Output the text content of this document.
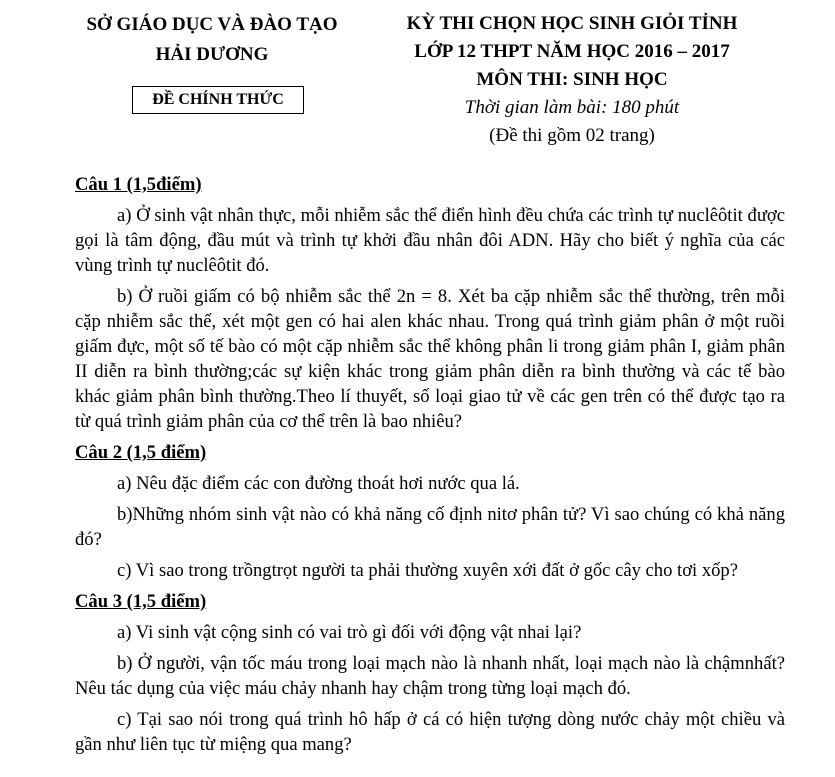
SỞ GIÁO DỤC VÀ ĐÀO TẠO
HẢI DƯƠNG
ĐỀ CHÍNH THỨC
KỲ THI CHỌN HỌC SINH GIỎI TỈNH
LỚP 12 THPT NĂM HỌC 2016 – 2017
MÔN THI: SINH HỌC
Thời gian làm bài: 180 phút
(Đề thi gồm 02 trang)
Câu 1 (1,5điểm)

a) Ở sinh vật nhân thực, mỗi nhiễm sắc thể điển hình đều chứa các trình tự nuclêôtit được gọi là tâm động, đầu mút và trình tự khởi đầu nhân đôi ADN. Hãy cho biết ý nghĩa của các vùng trình tự nuclêôtit đó.

b) Ở ruồi giấm có bộ nhiễm sắc thể 2n = 8. Xét ba cặp nhiễm sắc thể thường, trên mỗi cặp nhiễm sắc thể, xét một gen có hai alen khác nhau. Trong quá trình giảm phân ở một ruồi giấm đực, một số tế bào có một cặp nhiễm sắc thể không phân li trong giảm phân I, giảm phân II diễn ra bình thường;các sự kiện khác trong giảm phân diễn ra bình thường và các tế bào khác giảm phân bình thường.Theo lí thuyết, số loại giao tử về các gen trên có thể được tạo ra từ quá trình giảm phân của cơ thể trên là bao nhiêu?

Câu 2 (1,5 điểm)

a) Nêu đặc điểm các con đường thoát hơi nước qua lá.

b)Những nhóm sinh vật nào có khả năng cố định nitơ phân tử? Vì sao chúng có khả năng đó?

c) Vì sao trong trồngtrọt người ta phải thường xuyên xới đất ở gốc cây cho tơi xốp?

Câu 3 (1,5 điểm)

a) Vi sinh vật cộng sinh có vai trò gì đối với động vật nhai lại?

b) Ở người, vận tốc máu trong loại mạch nào là nhanh nhất, loại mạch nào là chậmnhất? Nêu tác dụng của việc máu chảy nhanh hay chậm trong từng loại mạch đó.

c) Tại sao nói trong quá trình hô hấp ở cá có hiện tượng dòng nước chảy một chiều và gần như liên tục từ miệng qua mang?
